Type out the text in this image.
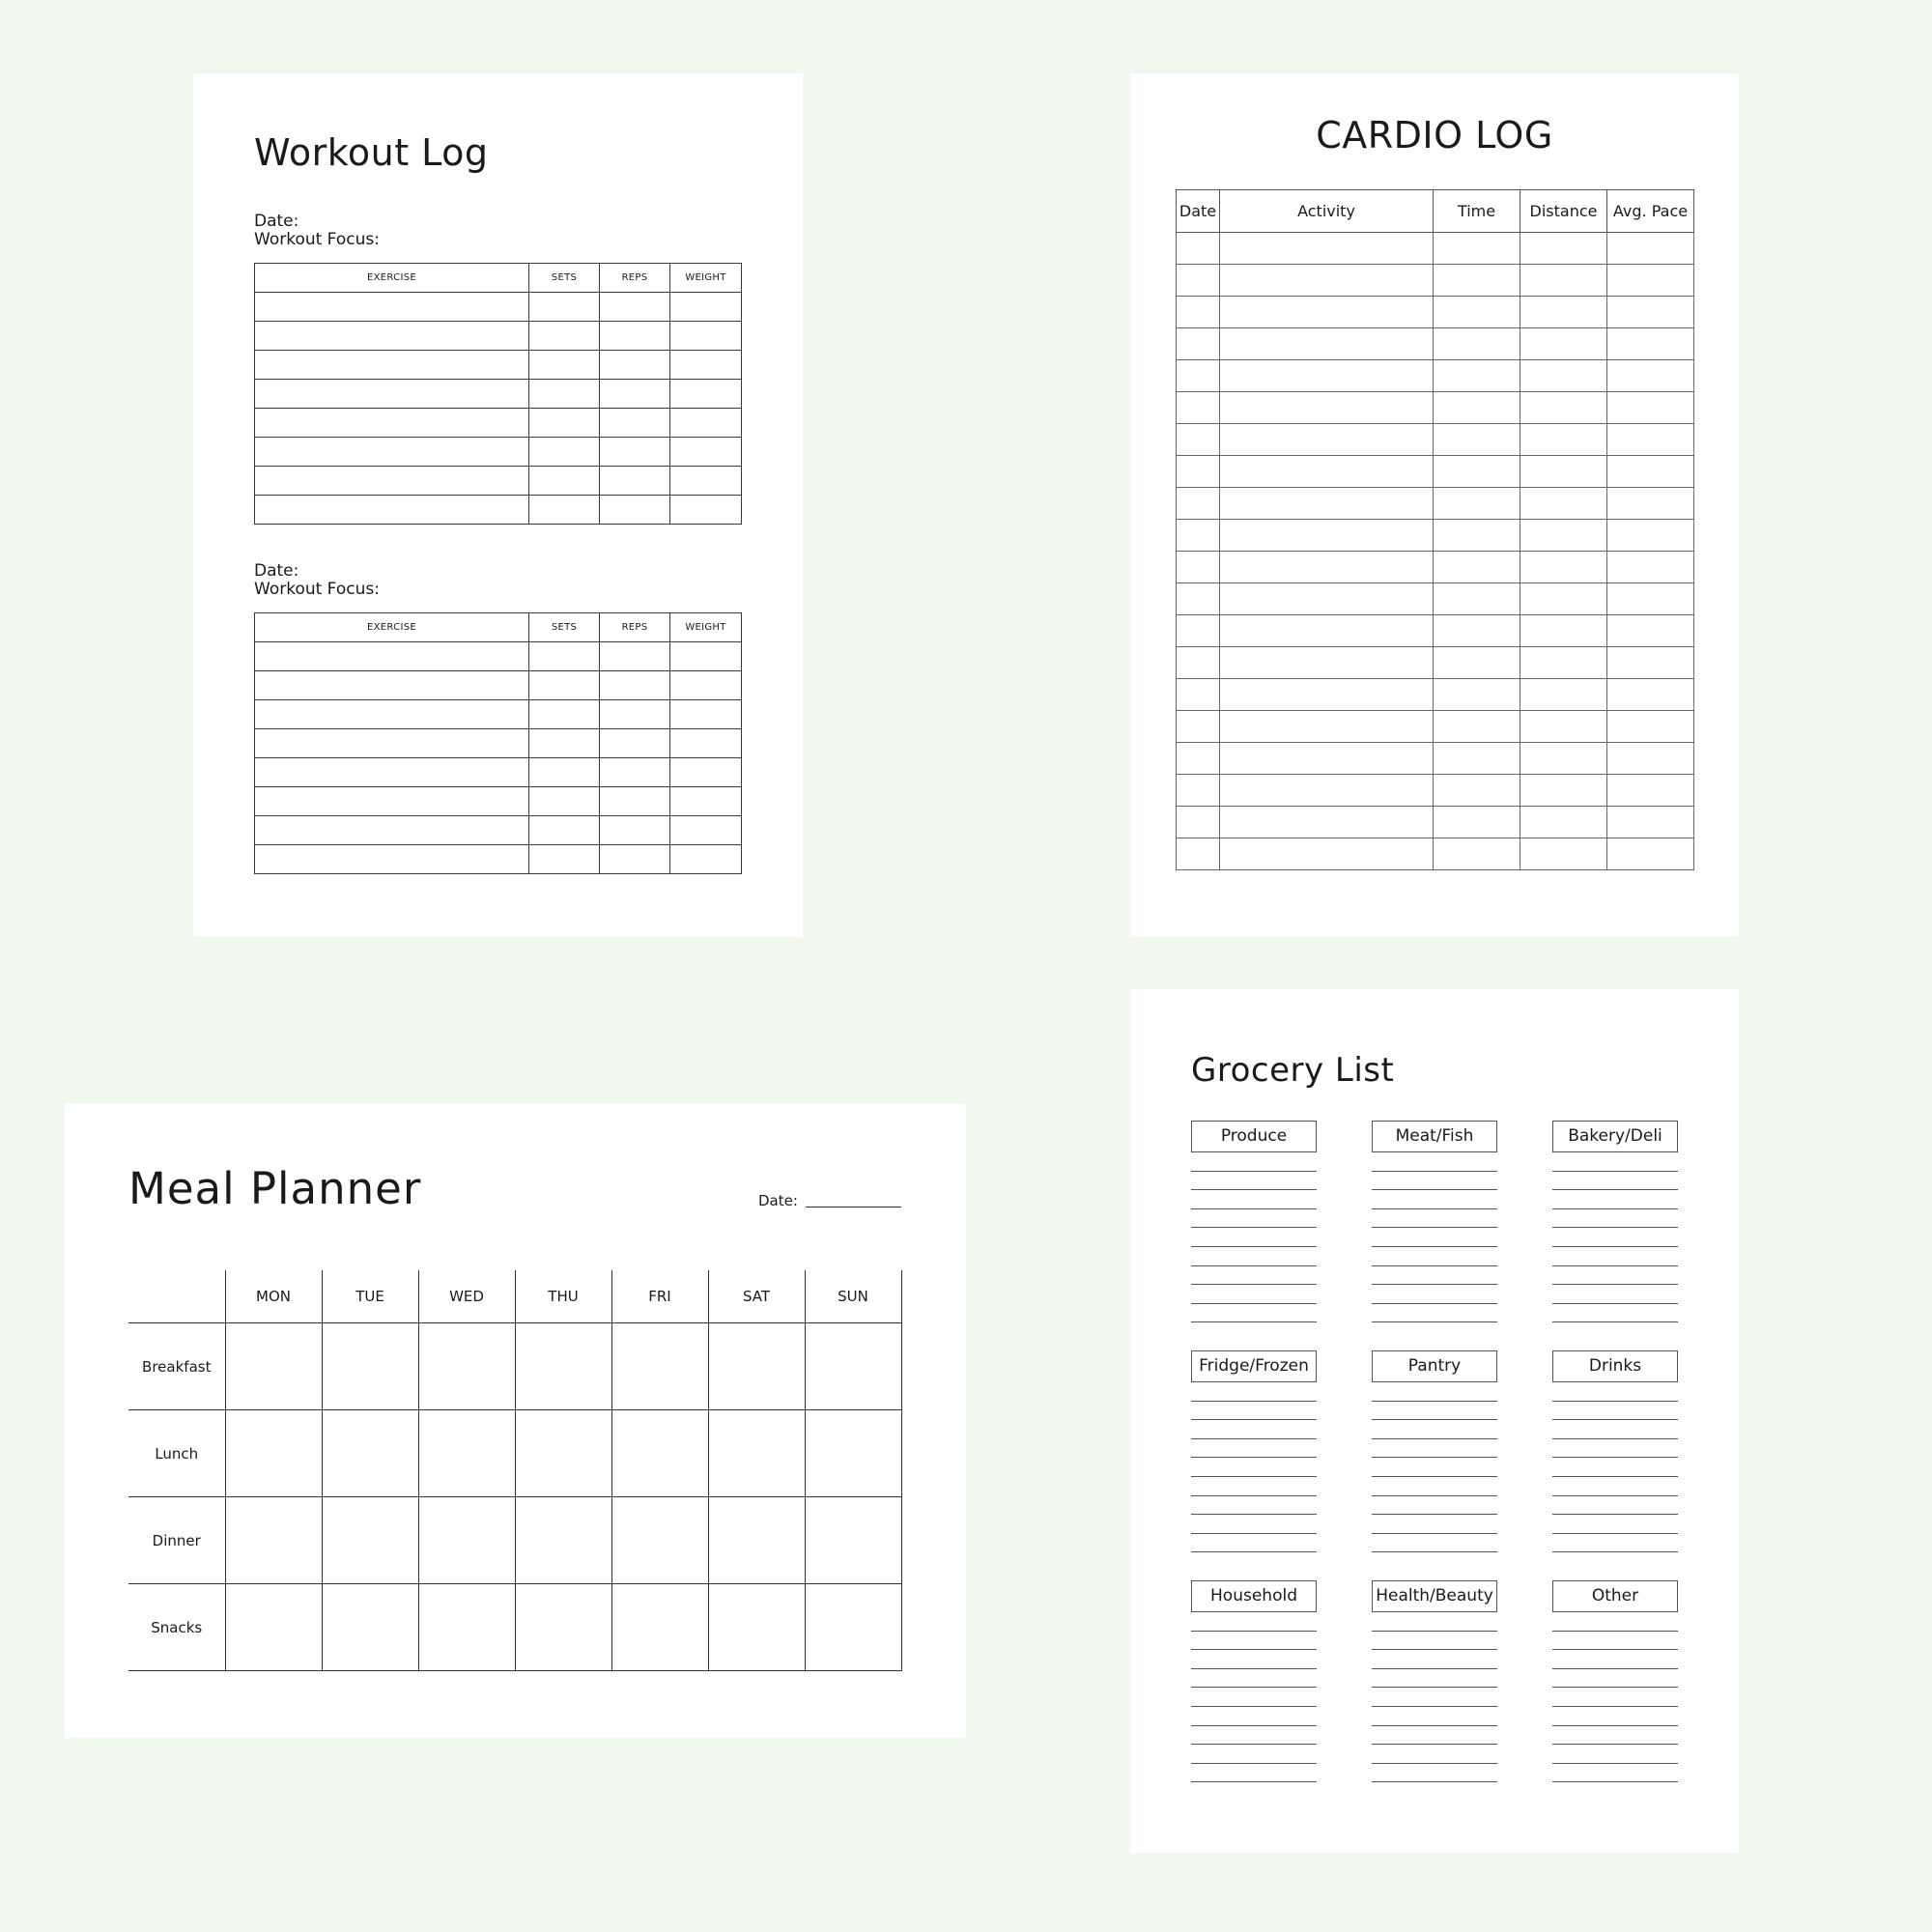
Workout Log
Date:
Workout Focus:
EXERCISE	SETS	REPS	WEIGHT

Date:
Workout Focus:
EXERCISE	SETS	REPS	WEIGHT

CARDIO LOG
Date	Activity	Time	Distance	Avg. Pace

Meal Planner	Date:
	MON	TUE	WED	THU	FRI	SAT	SUN
Breakfast							
Lunch							
Dinner							
Snacks							
Grocery List
Produce	Meat/Fish	Bakery/Deli
Fridge/Frozen	Pantry	Drinks
Household	Health/Beauty	Other
